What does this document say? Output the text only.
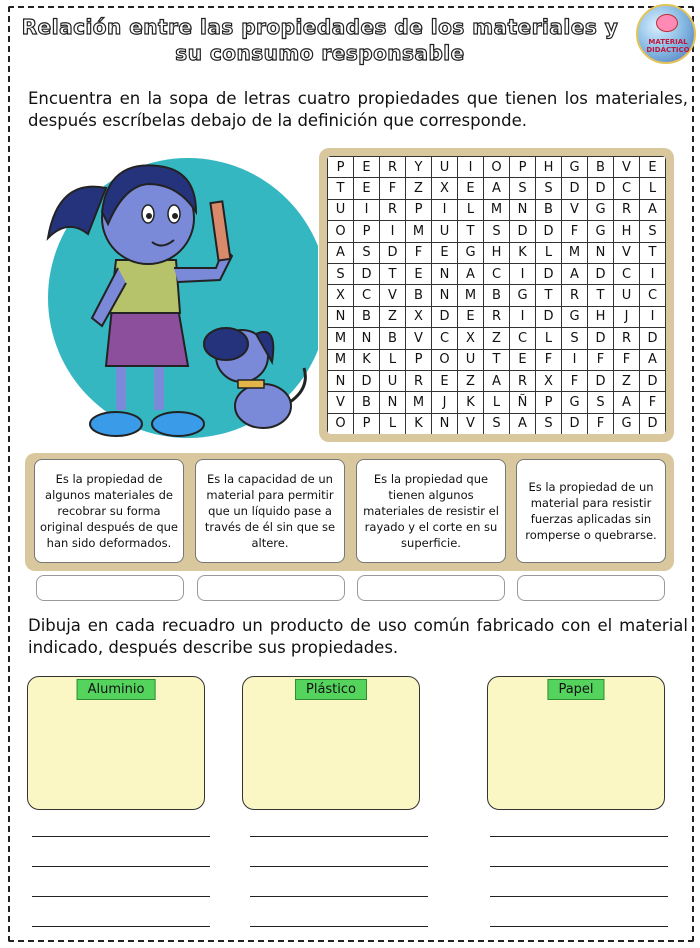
Relación entre las propiedades de los materiales y
su consumo responsable	MATERIAL DIDÁCTICO

Encuentra en la sopa de letras cuatro propiedades que tienen los materiales, después escríbelas debajo de la definición que corresponde.

P	E	R	Y	U	I	O	P	H	G	B	V	E
T	E	F	Z	X	E	A	S	S	D	D	C	L
U	I	R	P	I	L	M	N	B	V	G	R	A
O	P	I	M	U	T	S	D	D	F	G	H	S
A	S	D	F	E	G	H	K	L	M	N	V	T
S	D	T	E	N	A	C	I	D	A	D	C	I
X	C	V	B	N	M	B	G	T	R	T	U	C
N	B	Z	X	D	E	R	I	D	G	H	J	I
M	N	B	V	C	X	Z	C	L	S	D	R	D
M	K	L	P	O	U	T	E	F	I	F	F	A
N	D	U	R	E	Z	A	R	X	F	D	Z	D
V	B	N	M	J	K	L	Ñ	P	G	S	A	F
O	P	L	K	N	V	S	A	S	D	F	G	D
Es la propiedad de algunos materiales de recobrar su forma original después de que han sido deformados.
Es la capacidad de un material para permitir que un líquido pase a través de él sin que se altere.
Es la propiedad que tienen algunos materiales de resistir el rayado y el corte en su superficie.
Es la propiedad de un material para resistir fuerzas aplicadas sin romperse o quebrarse.

Dibuja en cada recuadro un producto de uso común fabricado con el material indicado, después describe sus propiedades.

Aluminio	Plástico	Papel
